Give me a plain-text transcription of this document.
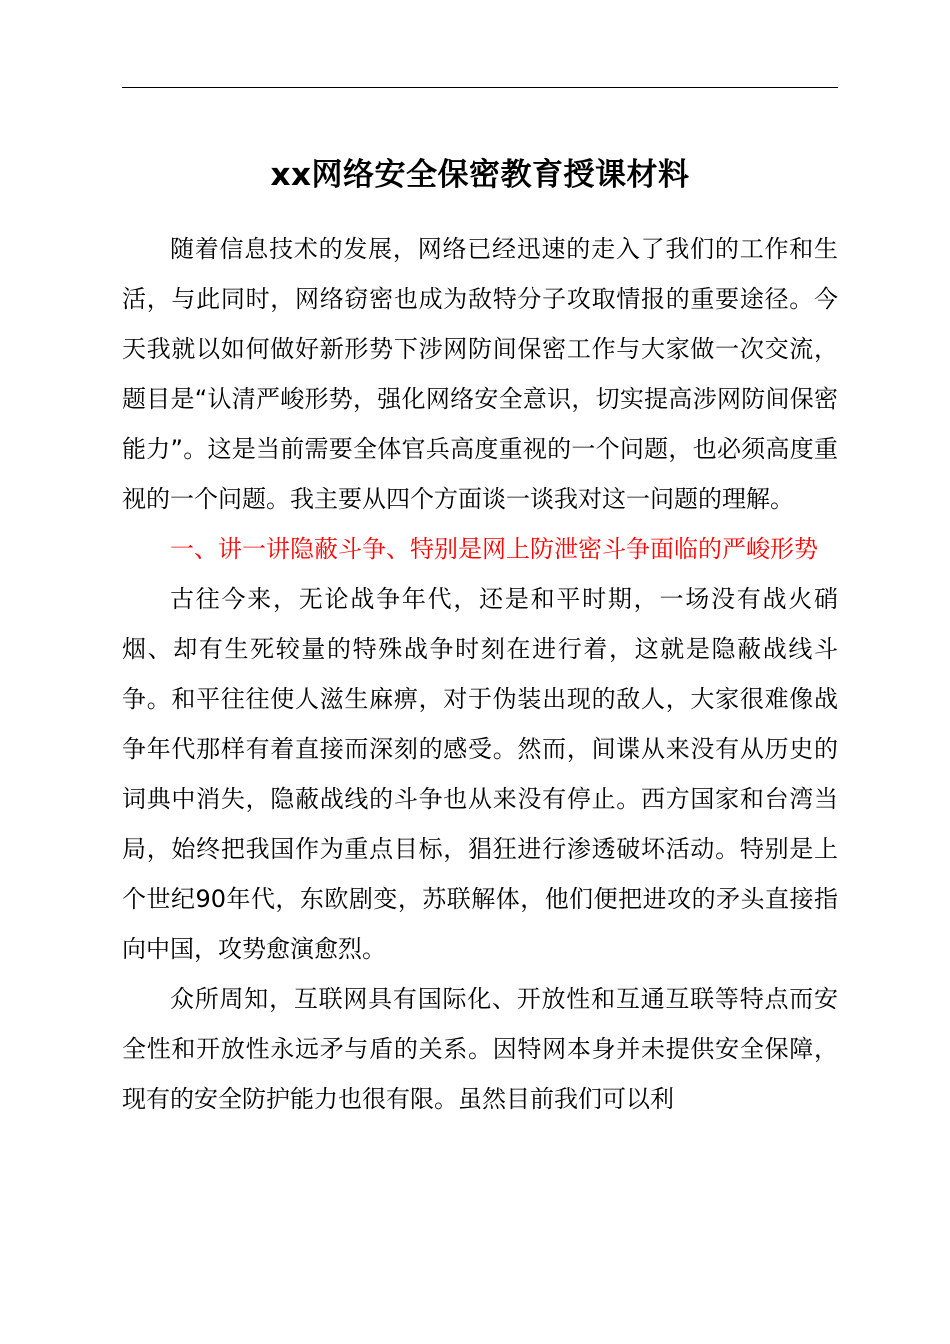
xx网络安全保密教育授课材料

随着信息技术的发展，网络已经迅速的走入了我们的工作和生活，与此同时，网络窃密也成为敌特分子攻取情报的重要途径。今天我就以如何做好新形势下涉网防间保密工作与大家做一次交流，题目是“认清严峻形势，强化网络安全意识，切实提高涉网防间保密能力”。这是当前需要全体官兵高度重视的一个问题，也必须高度重视的一个问题。我主要从四个方面谈一谈我对这一问题的理解。

一、讲一讲隐蔽斗争、特别是网上防泄密斗争面临的严峻形势

古往今来，无论战争年代，还是和平时期，一场没有战火硝烟、却有生死较量的特殊战争时刻在进行着，这就是隐蔽战线斗争。和平往往使人滋生麻痹，对于伪装出现的敌人，大家很难像战争年代那样有着直接而深刻的感受。然而，间谍从来没有从历史的词典中消失，隐蔽战线的斗争也从来没有停止。西方国家和台湾当局，始终把我国作为重点目标，猖狂进行渗透破坏活动。特别是上个世纪90年代，东欧剧变，苏联解体，他们便把进攻的矛头直接指向中国，攻势愈演愈烈。

众所周知，互联网具有国际化、开放性和互通互联等特点而安全性和开放性永远矛与盾的关系。因特网本身并未提供安全保障，现有的安全防护能力也很有限。虽然目前我们可以利
